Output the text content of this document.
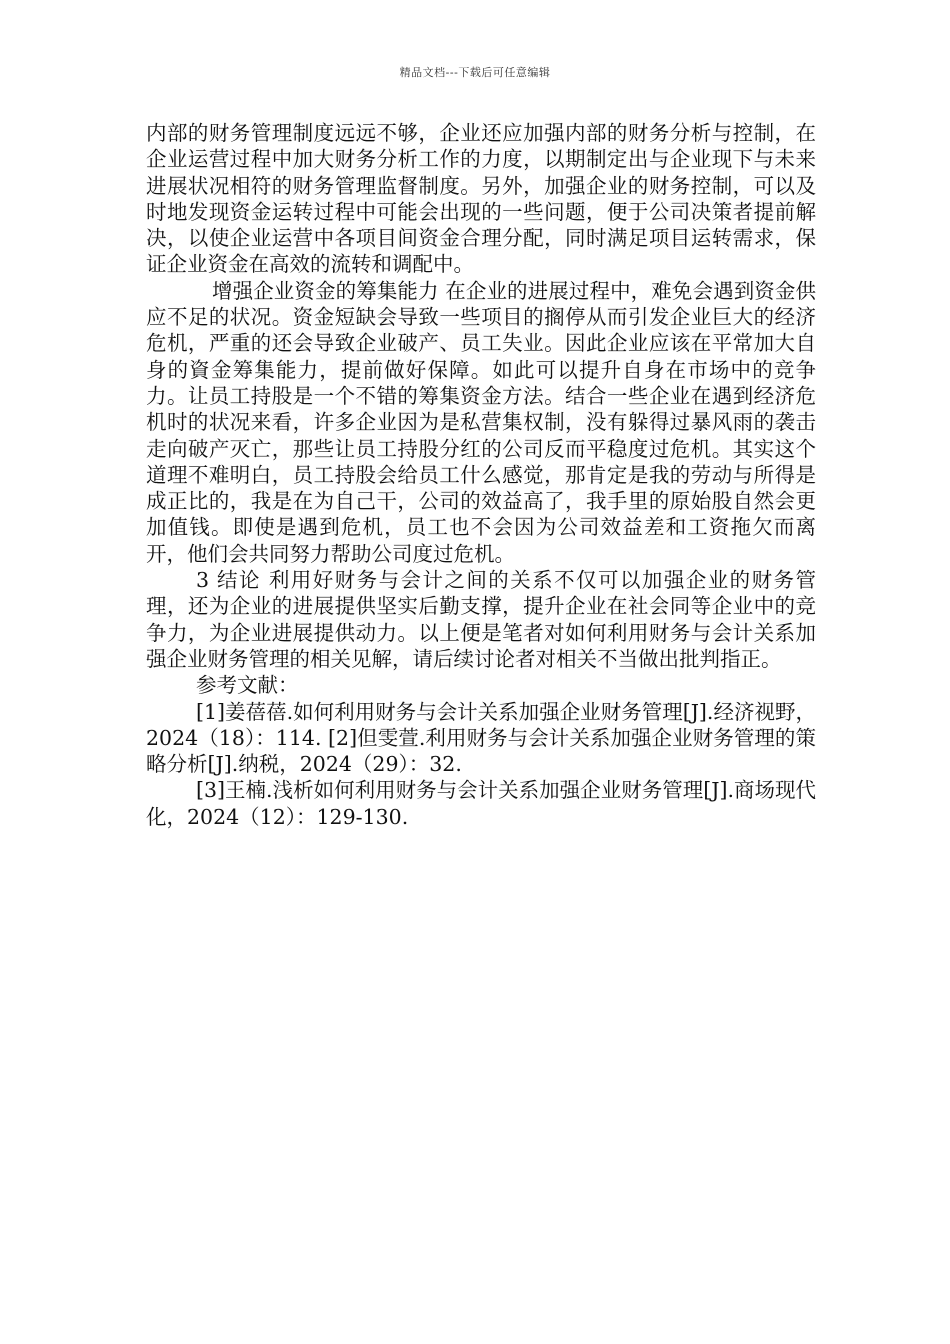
精品文档---下载后可任意编辑

内部的财务管理制度远远不够，企业还应加强内部的财务分析与控制，在企业运营过程中加大财务分析工作的力度，以期制定出与企业现下与未来进展状况相符的财务管理监督制度。另外，加强企业的财务控制，可以及时地发现资金运转过程中可能会出现的一些问题，便于公司决策者提前解决，以使企业运营中各项目间资金合理分配，同时满足项目运转需求，保证企业资金在高效的流转和调配中。

增强企业资金的筹集能力 在企业的进展过程中，难免会遇到资金供应不足的状况。资金短缺会导致一些项目的搁停从而引发企业巨大的经济危机，严重的还会导致企业破产、员工失业。因此企业应该在平常加大自身的資金筹集能力，提前做好保障。如此可以提升自身在市场中的竞争力。让员工持股是一个不错的筹集资金方法。结合一些企业在遇到经济危机时的状况来看，许多企业因为是私营集权制，没有躲得过暴风雨的袭击走向破产灭亡，那些让员工持股分红的公司反而平稳度过危机。其实这个道理不难明白，员工持股会给员工什么感觉，那肯定是我的劳动与所得是成正比的，我是在为自己干，公司的效益高了，我手里的原始股自然会更加值钱。即使是遇到危机，员工也不会因为公司效益差和工资拖欠而离开，他们会共同努力帮助公司度过危机。

3 结论 利用好财务与会计之间的关系不仅可以加强企业的财务管理，还为企业的进展提供坚实后勤支撑，提升企业在社会同等企业中的竞争力，为企业进展提供动力。以上便是笔者对如何利用财务与会计关系加强企业财务管理的相关见解，请后续讨论者对相关不当做出批判指正。

参考文献：

[1]姜蓓蓓.如何利用财务与会计关系加强企业财务管理[J].经济视野，2024（18）：114. [2]但雯萱.利用财务与会计关系加强企业财务管理的策略分析[J].纳税，2024（29）：32.

[3]王楠.浅析如何利用财务与会计关系加强企业财务管理[J].商场现代化，2024（12）：129-130.
